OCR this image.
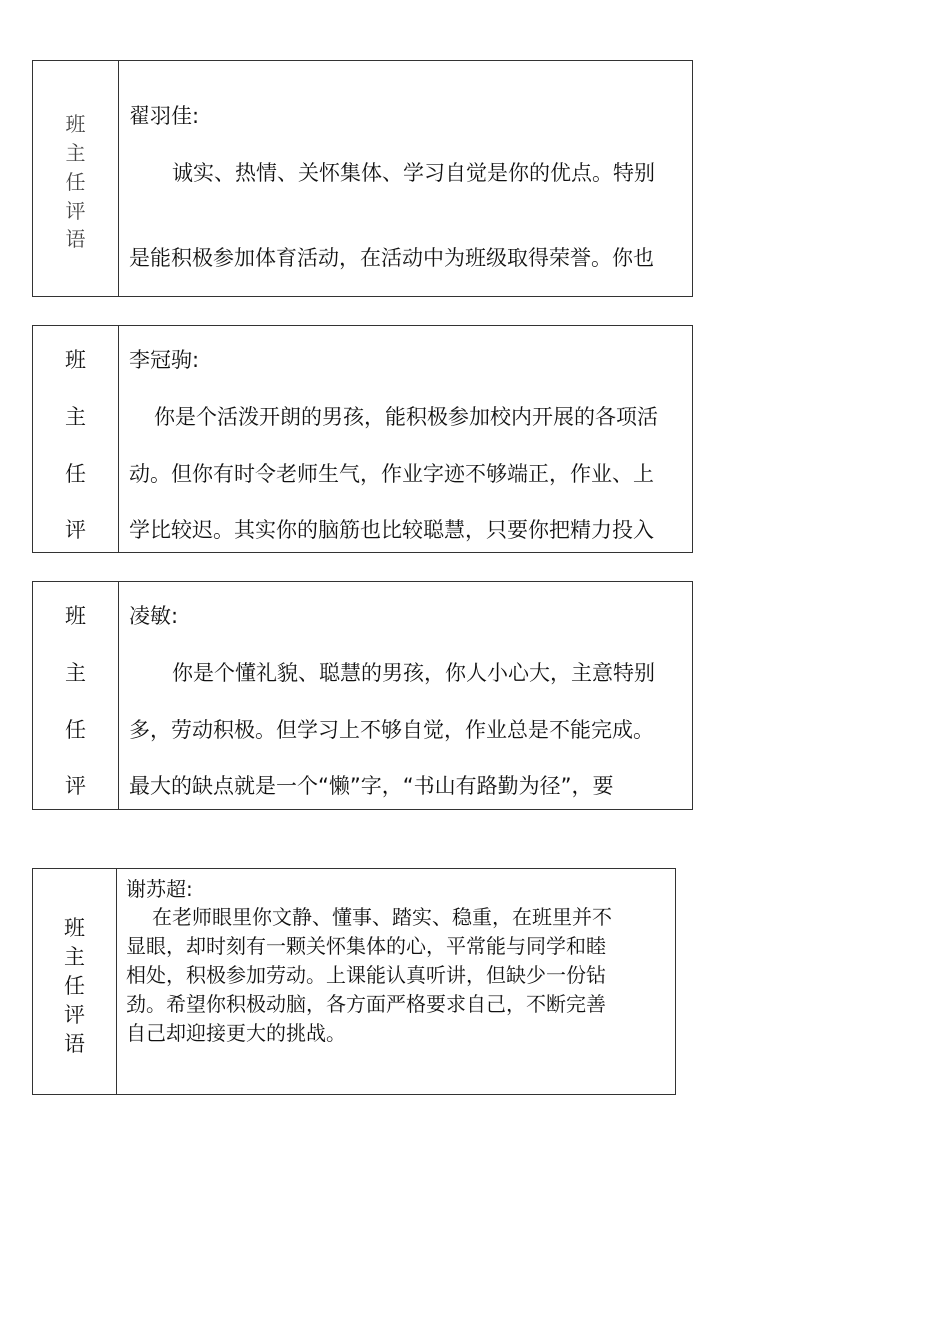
班
主
任
评
语
翟羽佳:
诚实、热情、关怀集体、学习自觉是你的优点。特别
是能积极参加体育活动，在活动中为班级取得荣誉。你也
班
主
任
评
李冠驹:
你是个活泼开朗的男孩，能积极参加校内开展的各项活
动。但你有时令老师生气，作业字迹不够端正，作业、上
学比较迟。其实你的脑筋也比较聪慧，只要你把精力投入
班
主
任
评
凌敏:
你是个懂礼貌、聪慧的男孩，你人小心大，主意特别
多，劳动积极。但学习上不够自觉，作业总是不能完成。
最大的缺点就是一个“懒”字，“书山有路勤为径”，要
班
主
任
评
语
谢苏超:
在老师眼里你文静、懂事、踏实、稳重，在班里并不
显眼，却时刻有一颗关怀集体的心，平常能与同学和睦
相处，积极参加劳动。上课能认真听讲，但缺少一份钻
劲。希望你积极动脑，各方面严格要求自己，不断完善
自己却迎接更大的挑战。
